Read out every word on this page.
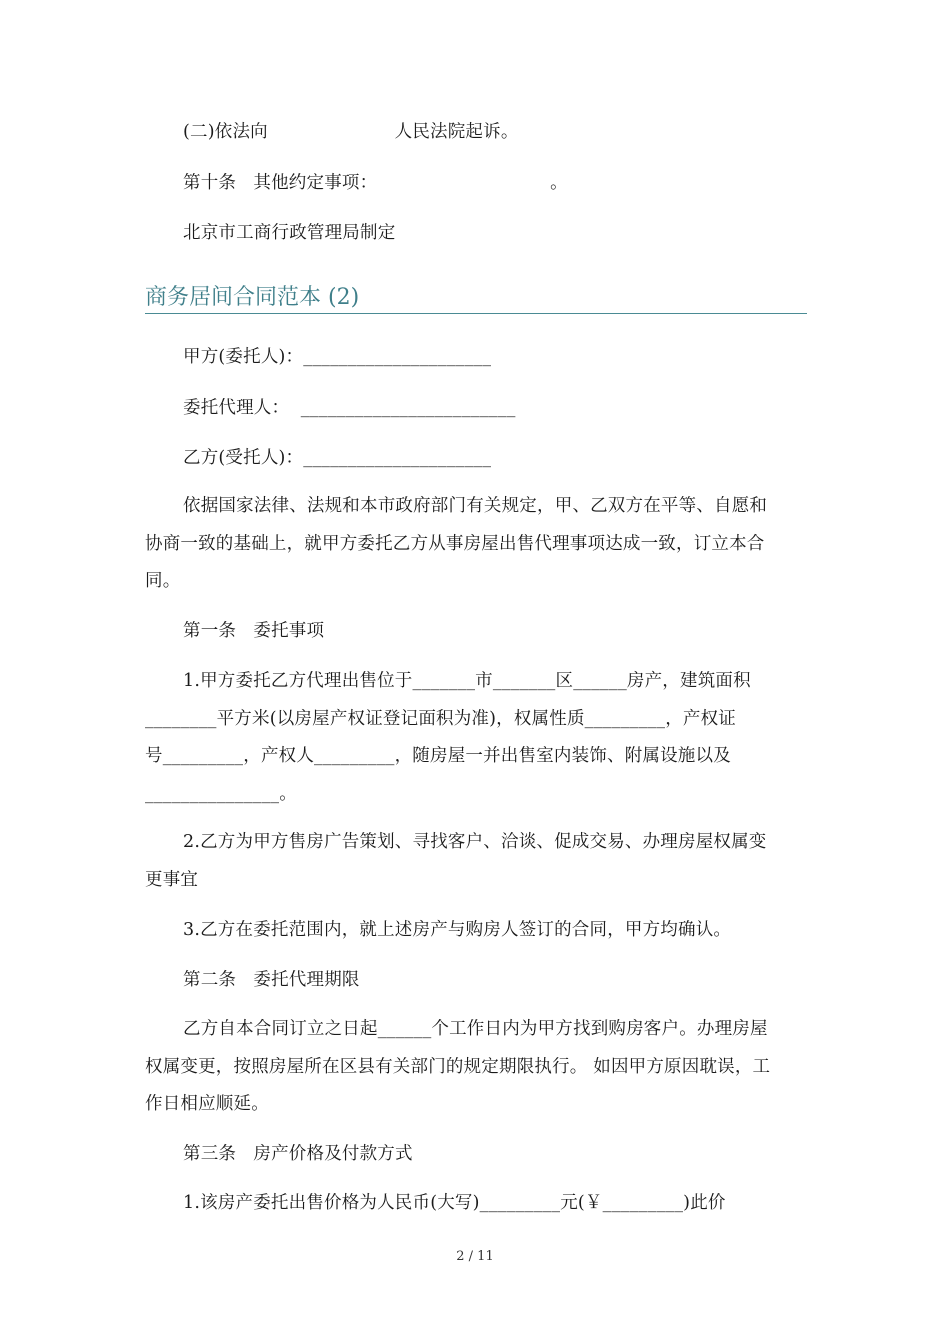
(二)依法向                      人民法院起诉。
第十条   其他约定事项：                              。
北京市工商行政管理局制定
商务居间合同范本 (2)
甲方(委托人)：_____________________
委托代理人：  ________________________
乙方(受托人)：_____________________
依据国家法律、法规和本市政府部门有关规定，甲、乙双方在平等、自愿和
协商一致的基础上，就甲方委托乙方从事房屋出售代理事项达成一致，订立本合
同。
第一条   委托事项
1.甲方委托乙方代理出售位于_______市_______区______房产，建筑面积
________平方米(以房屋产权证登记面积为准)，权属性质_________，产权证
号_________，产权人_________，随房屋一并出售室内装饰、附属设施以及
_______________。
2.乙方为甲方售房广告策划、寻找客户、洽谈、促成交易、办理房屋权属变
更事宜
3.乙方在委托范围内，就上述房产与购房人签订的合同，甲方均确认。
第二条   委托代理期限
乙方自本合同订立之日起______个工作日内为甲方找到购房客户。办理房屋
权属变更，按照房屋所在区县有关部门的规定期限执行。 如因甲方原因耽误，工
作日相应顺延。
第三条   房产价格及付款方式
1.该房产委托出售价格为人民币(大写)_________元(￥_________)此价
2 / 11
